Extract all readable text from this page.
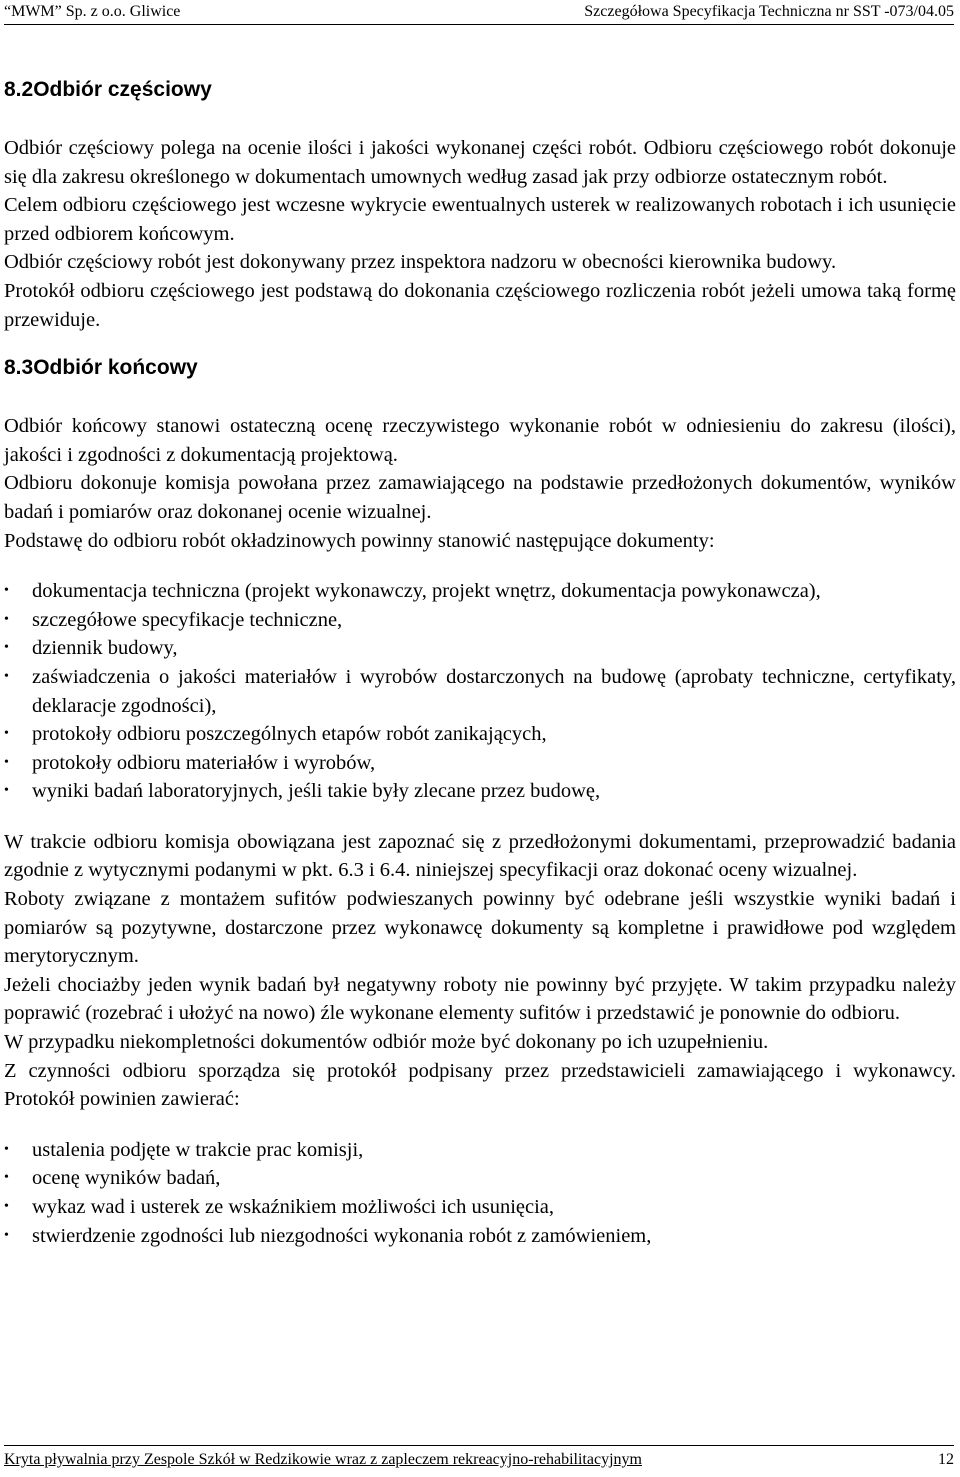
“MWM” Sp. z o.o. Gliwice	Szczegółowa Specyfikacja Techniczna nr SST -073/04.05
8.2Odbiór częściowy

Odbiór częściowy polega na ocenie ilości i jakości wykonanej części robót. Odbioru częściowego robót dokonuje się dla zakresu określonego w dokumentach umownych według zasad jak przy odbiorze ostatecznym robót.

Celem odbioru częściowego jest wczesne wykrycie ewentualnych usterek w realizowanych robotach i ich usunięcie przed odbiorem końcowym.

Odbiór częściowy robót jest dokonywany przez inspektora nadzoru w obecności kierownika budowy.

Protokół odbioru częściowego jest podstawą do dokonania częściowego rozliczenia robót jeżeli umowa taką formę przewiduje.

8.3Odbiór końcowy

Odbiór końcowy stanowi ostateczną ocenę rzeczywistego wykonanie robót w odniesieniu do zakresu (ilości), jakości i zgodności z dokumentacją projektową.

Odbioru dokonuje komisja powołana przez zamawiającego na podstawie przedłożonych dokumentów, wyników badań i pomiarów oraz dokonanej ocenie wizualnej.

Podstawę do odbioru robót okładzinowych powinny stanowić następujące dokumenty:

• dokumentacja techniczna (projekt wykonawczy, projekt wnętrz, dokumentacja powykonawcza),
• szczegółowe specyfikacje techniczne,
• dziennik budowy,
• zaświadczenia o jakości materiałów i wyrobów dostarczonych na budowę (aprobaty techniczne, certyfikaty, deklaracje zgodności),
• protokoły odbioru poszczególnych etapów robót zanikających,
• protokoły odbioru materiałów i wyrobów,
• wyniki badań laboratoryjnych, jeśli takie były zlecane przez budowę,

W trakcie odbioru komisja obowiązana jest zapoznać się z przedłożonymi dokumentami, przeprowadzić badania zgodnie z wytycznymi podanymi w pkt. 6.3 i 6.4. niniejszej specyfikacji oraz dokonać oceny wizualnej.

Roboty związane z montażem sufitów podwieszanych powinny być odebrane jeśli wszystkie wyniki badań i pomiarów są pozytywne, dostarczone przez wykonawcę dokumenty są kompletne i prawidłowe pod względem merytorycznym.

Jeżeli chociażby jeden wynik badań był negatywny roboty nie powinny być przyjęte. W takim przypadku należy poprawić (rozebrać i ułożyć na nowo) źle wykonane elementy sufitów i przedstawić je ponownie do odbioru.

W przypadku niekompletności dokumentów odbiór może być dokonany po ich uzupełnieniu.

Z czynności odbioru sporządza się protokół podpisany przez przedstawicieli zamawiającego i wykonawcy. Protokół powinien zawierać:

• ustalenia podjęte w trakcie prac komisji,
• ocenę wyników badań,
• wykaz wad i usterek ze wskaźnikiem możliwości ich usunięcia,
• stwierdzenie zgodności lub niezgodności wykonania robót z zamówieniem,
Kryta pływalnia przy Zespole Szkół w Redzikowie wraz z zapleczem rekreacyjno-rehabilitacyjnym	12
